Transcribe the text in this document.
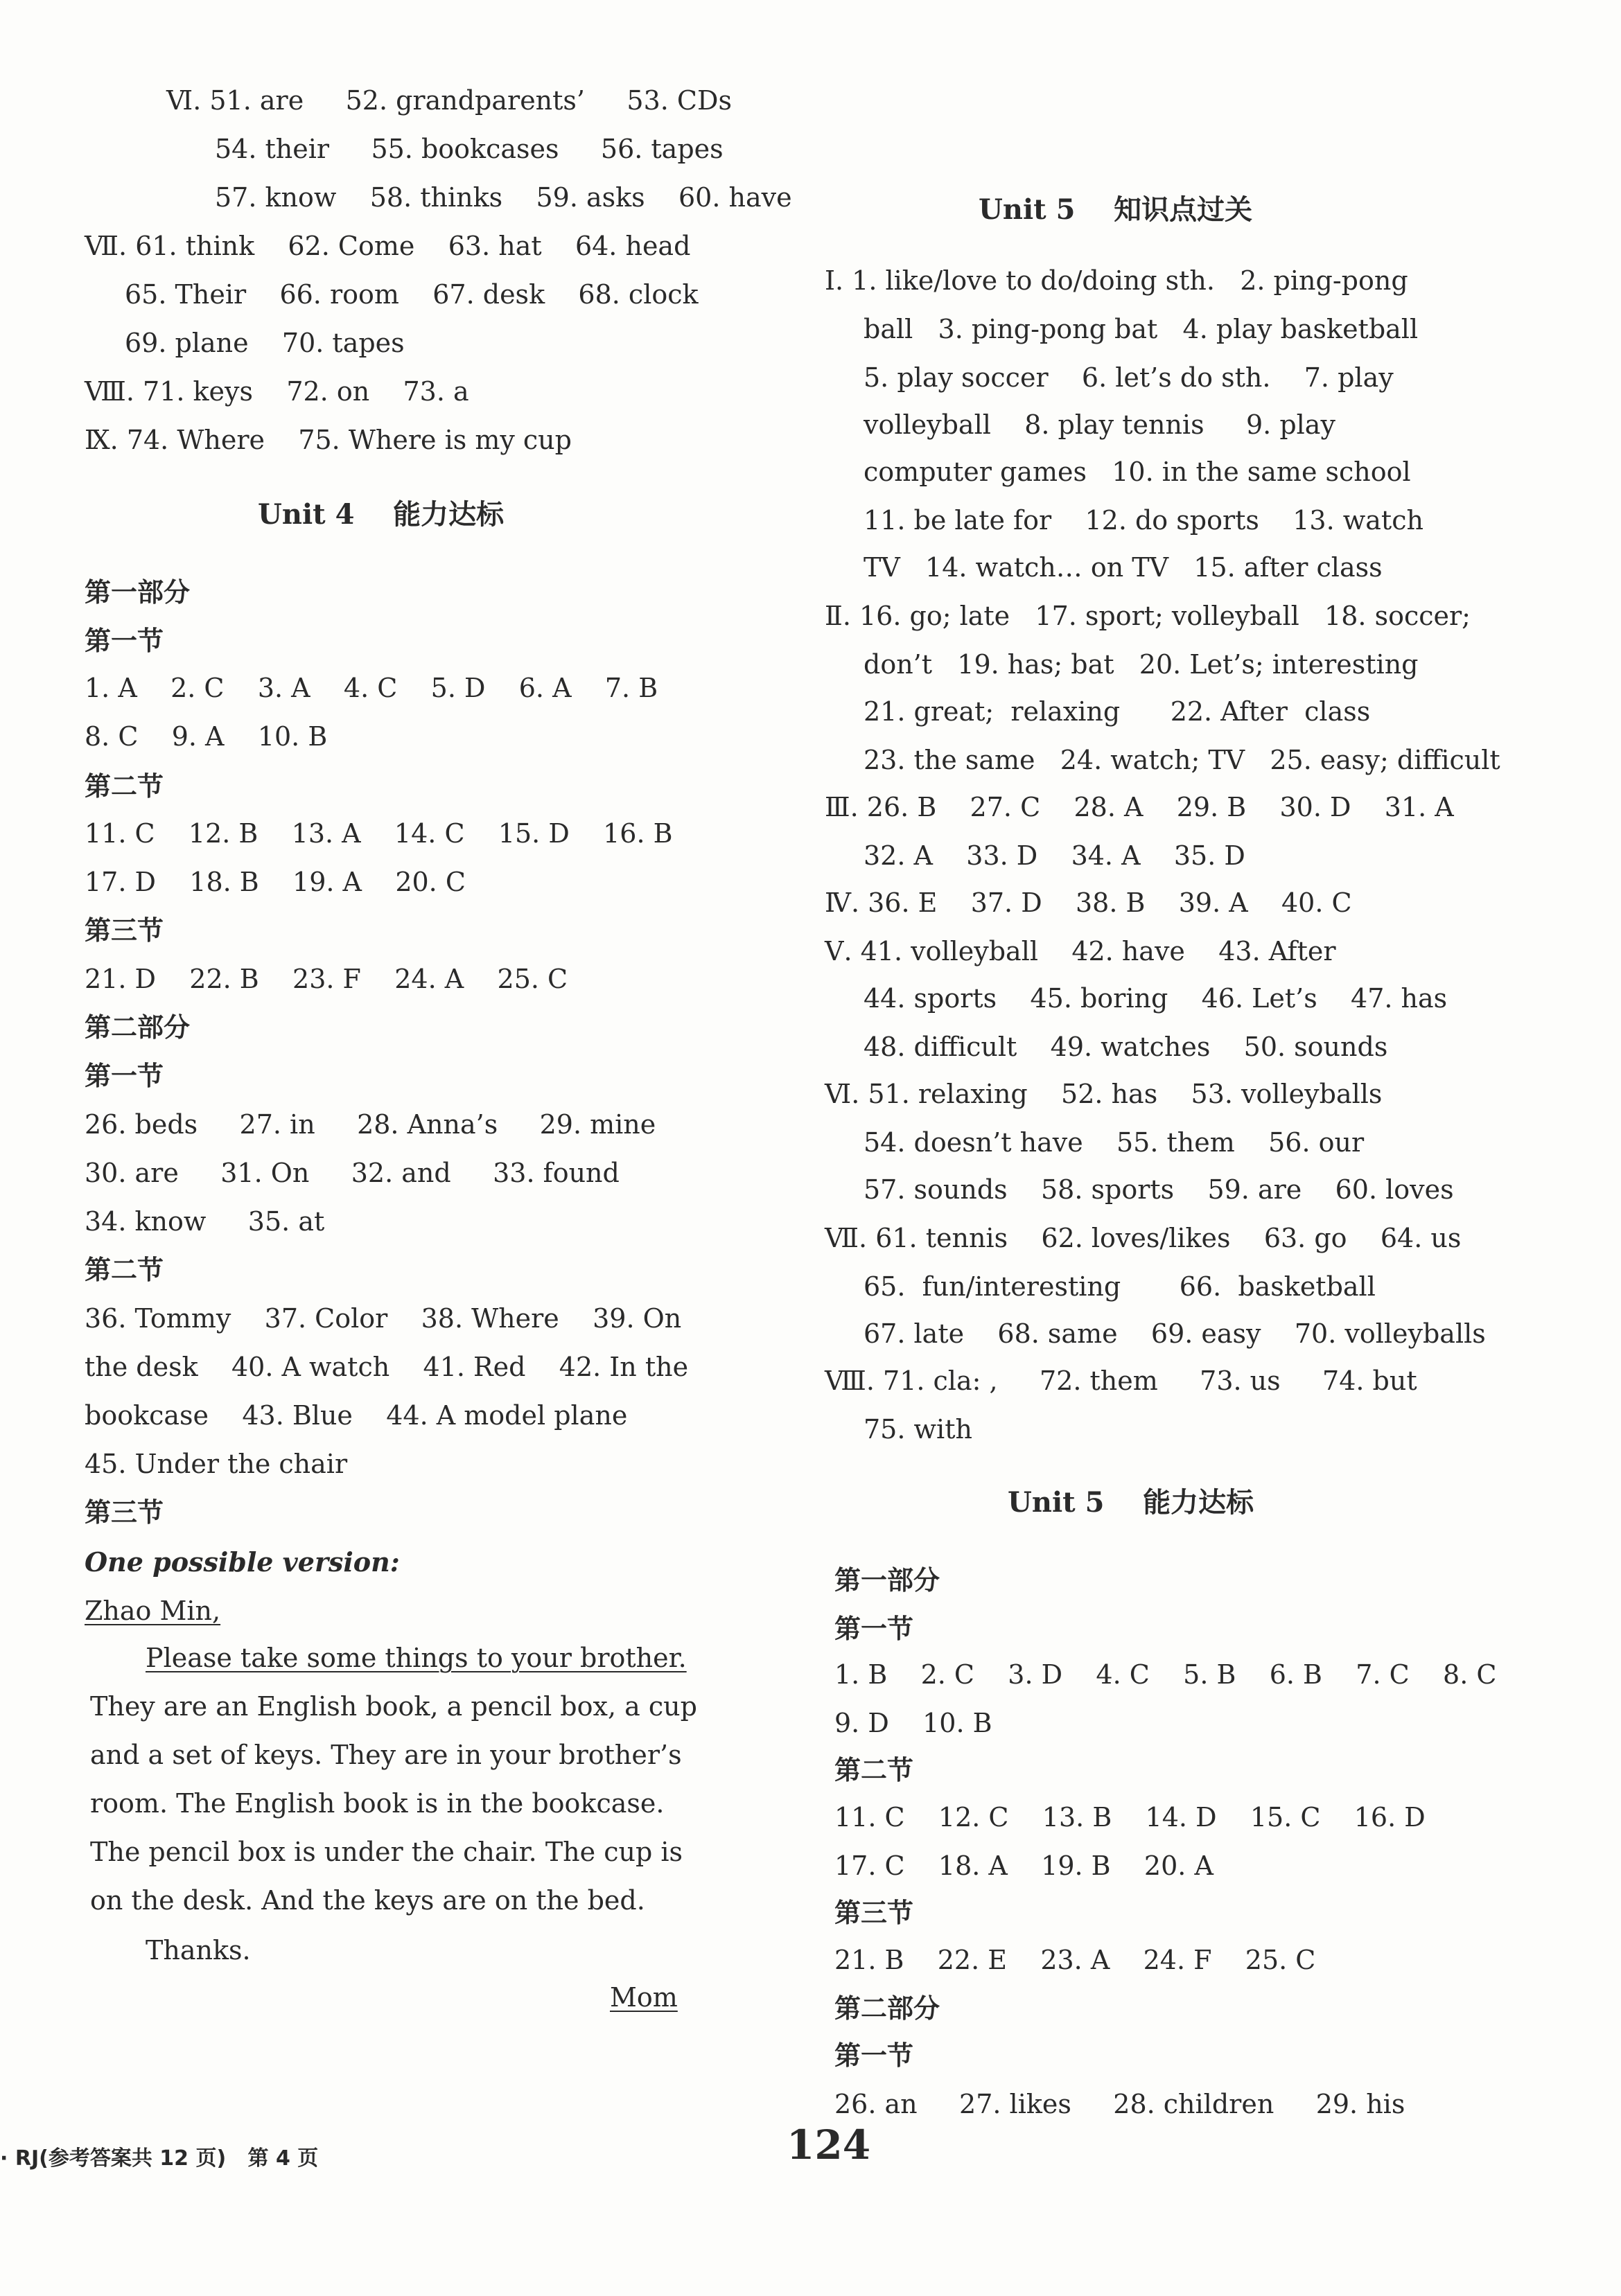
Ⅵ. 51. are     52. grandparents’     53. CDs
54. their     55. bookcases     56. tapes
57. know    58. thinks    59. asks    60. have
Ⅶ. 61. think    62. Come    63. hat    64. head
65. Their    66. room    67. desk    68. clock
69. plane    70. tapes
Ⅷ. 71. keys    72. on    73. a
Ⅸ. 74. Where    75. Where is my cup
Unit 4    能力达标
第一部分
第一节
1. A    2. C    3. A    4. C    5. D    6. A    7. B
8. C    9. A    10. B
第二节
11. C    12. B    13. A    14. C    15. D    16. B
17. D    18. B    19. A    20. C
第三节
21. D    22. B    23. F    24. A    25. C
第二部分
第一节
26. beds     27. in     28. Anna’s     29. mine
30. are     31. On     32. and     33. found
34. know     35. at
第二节
36. Tommy    37. Color    38. Where    39. On
the desk    40. A watch    41. Red    42. In the
bookcase    43. Blue    44. A model plane
45. Under the chair
第三节
One possible version:
Zhao Min,
Please take some things to your brother.
They are an English book, a pencil box, a cup
and a set of keys. They are in your brother’s
room. The English book is in the bookcase.
The pencil box is under the chair. The cup is
on the desk. And the keys are on the bed.
Thanks.
Mom
Unit 5    知识点过关
Ⅰ. 1. like/love to do/doing sth.   2. ping-pong
ball   3. ping-pong bat   4. play basketball
5. play soccer    6. let’s do sth.    7. play
volleyball    8. play tennis     9. play
computer games   10. in the same school
11. be late for    12. do sports    13. watch
TV   14. watch… on TV   15. after class
Ⅱ. 16. go; late   17. sport; volleyball   18. soccer;
don’t   19. has; bat   20. Let’s; interesting
21. great;  relaxing      22. After  class
23. the same   24. watch; TV   25. easy; difficult
Ⅲ. 26. B    27. C    28. A    29. B    30. D    31. A
32. A    33. D    34. A    35. D
Ⅳ. 36. E    37. D    38. B    39. A    40. C
Ⅴ. 41. volleyball    42. have    43. After
44. sports    45. boring    46. Let’s    47. has
48. difficult    49. watches    50. sounds
Ⅵ. 51. relaxing    52. has    53. volleyballs
54. doesn’t have    55. them    56. our
57. sounds    58. sports    59. are    60. loves
Ⅶ. 61. tennis    62. loves/likes    63. go    64. us
65.  fun/interesting       66.  basketball
67. late    68. same    69. easy    70. volleyballs
Ⅷ. 71. cla: ,     72. them     73. us     74. but
75. with
Unit 5    能力达标
第一部分
第一节
1. B    2. C    3. D    4. C    5. B    6. B    7. C    8. C
9. D    10. B
第二节
11. C    12. C    13. B    14. D    15. C    16. D
17. C    18. A    19. B    20. A
第三节
21. B    22. E    23. A    24. F    25. C
第二部分
第一节
26. an     27. likes     28. children     29. his
· RJ(参考答案共 12 页)   第 4 页	124
